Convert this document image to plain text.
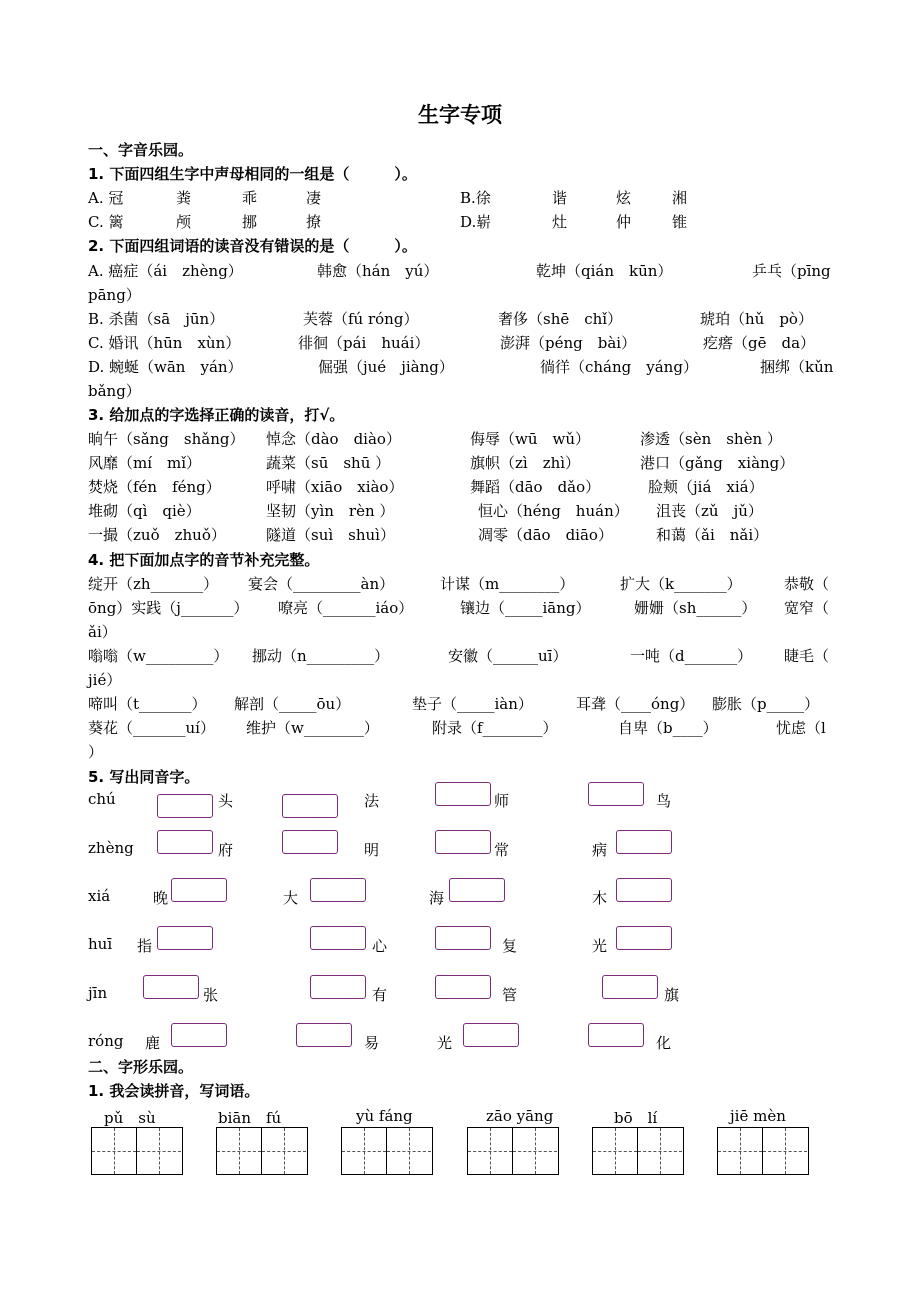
生字专项
一、字音乐园。
1. 下面四组生字中声母相同的一组是（　　　）。
A. 冠	粪	乖	凄	B.徐	谐	炫	湘
C. 篱	颅	挪	撩	D.崭	灶	仲	锥
2. 下面四组词语的读音没有错误的是（　　　）。
A. 癌症（ái　zhèng）	韩愈（hán　yú）	乾坤（qián　kūn）	乒乓（pīng
pāng）
B. 杀菌（sā　jūn）	芙蓉（fú róng）	奢侈（shē　chǐ）	琥珀（hǔ　pò）
C. 婚讯（hūn　xùn）	徘徊（pái　huái）	澎湃（péng　bài）	疙瘩（gē　da）
D. 蜿蜒（wān　yán）	倔强（jué　jiàng）	徜徉（cháng　yáng）	捆绑（kǔn
bǎng）
3. 给加点的字选择正确的读音，打√。
晌午（sǎng　shǎng） 悼念（dào　diào）	侮辱（wū　wǔ）	渗透（sèn　shèn ）
风靡（mí　mǐ）	蔬菜（sū　shū ）	旗帜（zì　zhì）	港口（gǎng　xiàng）
焚烧（fén　féng）	呼啸（xiāo　xiào）	舞蹈（dāo　dǎo）	脸颊（jiá　xiá）
堆砌（qì　qiè）	坚韧（yìn　rèn ）	恒心（héng　huán） 沮丧（zǔ　jǔ）
一撮（zuǒ　zhuǒ）	隧道（suì　shuì）	凋零（dāo　diāo）	和蔼（ǎi　nǎi）
4. 把下面加点字的音节补充完整。
绽开（zh_______） 宴会（_________àn）	计谋（m________）	扩大（k_______）	恭敬（
ōng）实践（j_______） 嘹亮（_______iáo）	镶边（_____iāng）	姗姗（sh______） 宽窄（
ǎi）
嗡嗡（w_________） 挪动（n_________）	安徽（______uī）	一吨（d_______） 睫毛（
jié）
啼叫（t_______） 解剖（_____ōu）	垫子（_____iàn）	耳聋（____óng） 膨胀（p_____）
葵花（_______uí） 维护（w________）	附录（f________）	自卑（b____）	忧虑（l
）
5. 写出同音字。
chú	头	法	师	鸟
zhèng	府	明	常	病
xiá	晚	大	海	木
huī 指	心	复	光
jīn	张	有	管	旗
róng 鹿	易	光	化
二、字形乐园。
1. 我会读拼音，写词语。
pǔ　sù	biān　fú	yù fáng	zāo yāng	bō　lí	jiē mèn
